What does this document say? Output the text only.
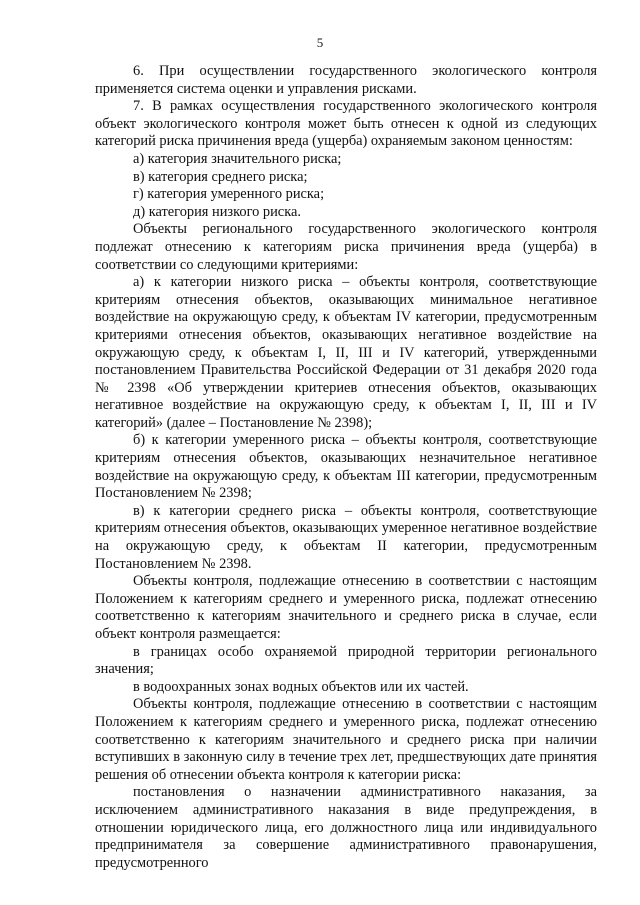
5

6. При осуществлении государственного экологического контроля применяется система оценки и управления рисками.

7. В рамках осуществления государственного экологического контроля объект экологического контроля может быть отнесен к одной из следующих категорий риска причинения вреда (ущерба) охраняемым законом ценностям:

а) категория значительного риска;

в) категория среднего риска;

г) категория умеренного риска;

д) категория низкого риска.

Объекты регионального государственного экологического контроля подлежат отнесению к категориям риска причинения вреда (ущерба) в соответствии со следующими критериями:

а) к категории низкого риска – объекты контроля, соответствующие критериям отнесения объектов, оказывающих минимальное негативное воздействие на окружающую среду, к объектам IV категории, предусмотренным критериями отнесения объектов, оказывающих негативное воздействие на окружающую среду, к объектам I, II, III и IV категорий, утвержденными постановлением Правительства Российской Федерации от 31 декабря 2020 года № 2398 «Об утверждении критериев отнесения объектов, оказывающих негативное воздействие на окружающую среду, к объектам I, II, III и IV категорий» (далее – Постановление № 2398);

б) к категории умеренного риска – объекты контроля, соответствующие критериям отнесения объектов, оказывающих незначительное негативное воздействие на окружающую среду, к объектам III категории, предусмотренным Постановлением № 2398;

в) к категории среднего риска – объекты контроля, соответствующие критериям отнесения объектов, оказывающих умеренное негативное воздействие на окружающую среду, к объектам II категории, предусмотренным Постановлением № 2398.

Объекты контроля, подлежащие отнесению в соответствии с настоящим Положением к категориям среднего и умеренного риска, подлежат отнесению соответственно к категориям значительного и среднего риска в случае, если объект контроля размещается:

в границах особо охраняемой природной территории регионального значения;

в водоохранных зонах водных объектов или их частей.

Объекты контроля, подлежащие отнесению в соответствии с настоящим Положением к категориям среднего и умеренного риска, подлежат отнесению соответственно к категориям значительного и среднего риска при наличии вступивших в законную силу в течение трех лет, предшествующих дате принятия решения об отнесении объекта контроля к категории риска:

постановления о назначении административного наказания, за исключением административного наказания в виде предупреждения, в отношении юридического лица, его должностного лица или индивидуального предпринимателя за совершение административного правонарушения, предусмотренного
